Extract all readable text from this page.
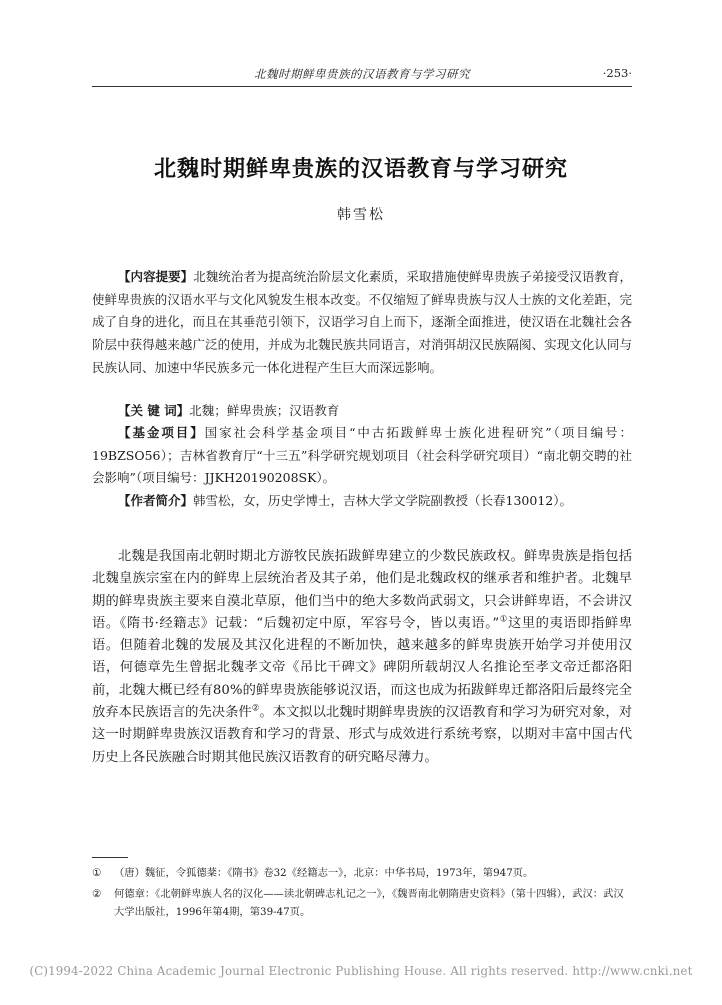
北魏时期鲜卑贵族的汉语教育与学习研究	·253·
北魏时期鲜卑贵族的汉语教育与学习研究
韩雪松
【内容提要】北魏统治者为提高统治阶层文化素质，采取措施使鲜卑贵族子弟接受汉语教育，使鲜卑贵族的汉语水平与文化风貌发生根本改变。不仅缩短了鲜卑贵族与汉人士族的文化差距，完成了自身的进化，而且在其垂范引领下，汉语学习自上而下，逐渐全面推进，使汉语在北魏社会各阶层中获得越来越广泛的使用，并成为北魏民族共同语言，对消弭胡汉民族隔阂、实现文化认同与民族认同、加速中华民族多元一体化进程产生巨大而深远影响。
【关 键 词】北魏；鲜卑贵族；汉语教育
【基金项目】国家社会科学基金项目“中古拓跋鲜卑士族化进程研究”（项目编号：19BZSO56）；吉林省教育厅“十三五”科学研究规划项目（社会科学研究项目）“南北朝交聘的社会影响”（项目编号：JJKH20190208SK）。
【作者简介】韩雪松，女，历史学博士，吉林大学文学院副教授（长春130012）。
北魏是我国南北朝时期北方游牧民族拓跋鲜卑建立的少数民族政权。鲜卑贵族是指包括北魏皇族宗室在内的鲜卑上层统治者及其子弟，他们是北魏政权的继承者和维护者。北魏早期的鲜卑贵族主要来自漠北草原，他们当中的绝大多数尚武弱文，只会讲鲜卑语，不会讲汉语。《隋书·经籍志》记载：“后魏初定中原，军容号令，皆以夷语。”①这里的夷语即指鲜卑语。但随着北魏的发展及其汉化进程的不断加快，越来越多的鲜卑贵族开始学习并使用汉语，何德章先生曾据北魏孝文帝《吊比干碑文》碑阴所载胡汉人名推论至孝文帝迁都洛阳前，北魏大概已经有80%的鲜卑贵族能够说汉语，而这也成为拓跋鲜卑迁都洛阳后最终完全放弃本民族语言的先决条件②。本文拟以北魏时期鲜卑贵族的汉语教育和学习为研究对象，对这一时期鲜卑贵族汉语教育和学习的背景、形式与成效进行系统考察，以期对丰富中国古代历史上各民族融合时期其他民族汉语教育的研究略尽薄力。
① （唐）魏征，令狐德棻：《隋书》卷32《经籍志一》，北京：中华书局，1973年，第947页。
② 何德章：《北朝鲜卑族人名的汉化——读北朝碑志札记之一》，《魏晋南北朝隋唐史资料》（第十四辑），武汉：武汉大学出版社，1996年第4期，第39-47页。
(C)1994-2022 China Academic Journal Electronic Publishing House. All rights reserved. http://www.cnki.net
